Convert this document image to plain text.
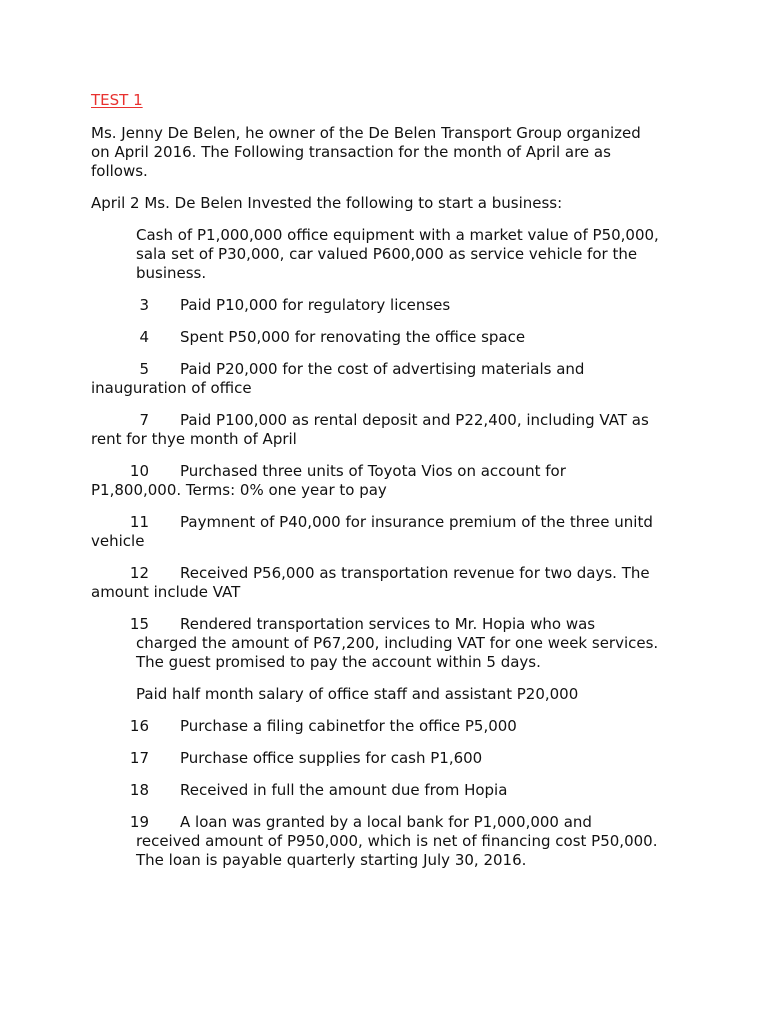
TEST 1
Ms. Jenny De Belen, he owner of the De Belen Transport Group organized
on April 2016. The Following transaction for the month of April are as
follows.
April 2 Ms. De Belen Invested the following to start a business:
Cash of P1,000,000 office equipment with a market value of P50,000,
sala set of P30,000, car valued P600,000 as service vehicle for the
business.
3 Paid P10,000 for regulatory licenses
4 Spent P50,000 for renovating the office space
5 Paid P20,000 for the cost of advertising materials and
inauguration of office
7 Paid P100,000 as rental deposit and P22,400, including VAT as
rent for thye month of April
10 Purchased three units of Toyota Vios on account for
P1,800,000. Terms: 0% one year to pay
11 Paymnent of P40,000 for insurance premium of the three unitd
vehicle
12 Received P56,000 as transportation revenue for two days. The
amount include VAT
15 Rendered transportation services to Mr. Hopia who was
charged the amount of P67,200, including VAT for one week services.
The guest promised to pay the account within 5 days.
Paid half month salary of office staff and assistant P20,000
16 Purchase a filing cabinetfor the office P5,000
17 Purchase office supplies for cash P1,600
18 Received in full the amount due from Hopia
19 A loan was granted by a local bank for P1,000,000 and
received amount of P950,000, which is net of financing cost P50,000.
The loan is payable quarterly starting July 30, 2016.
